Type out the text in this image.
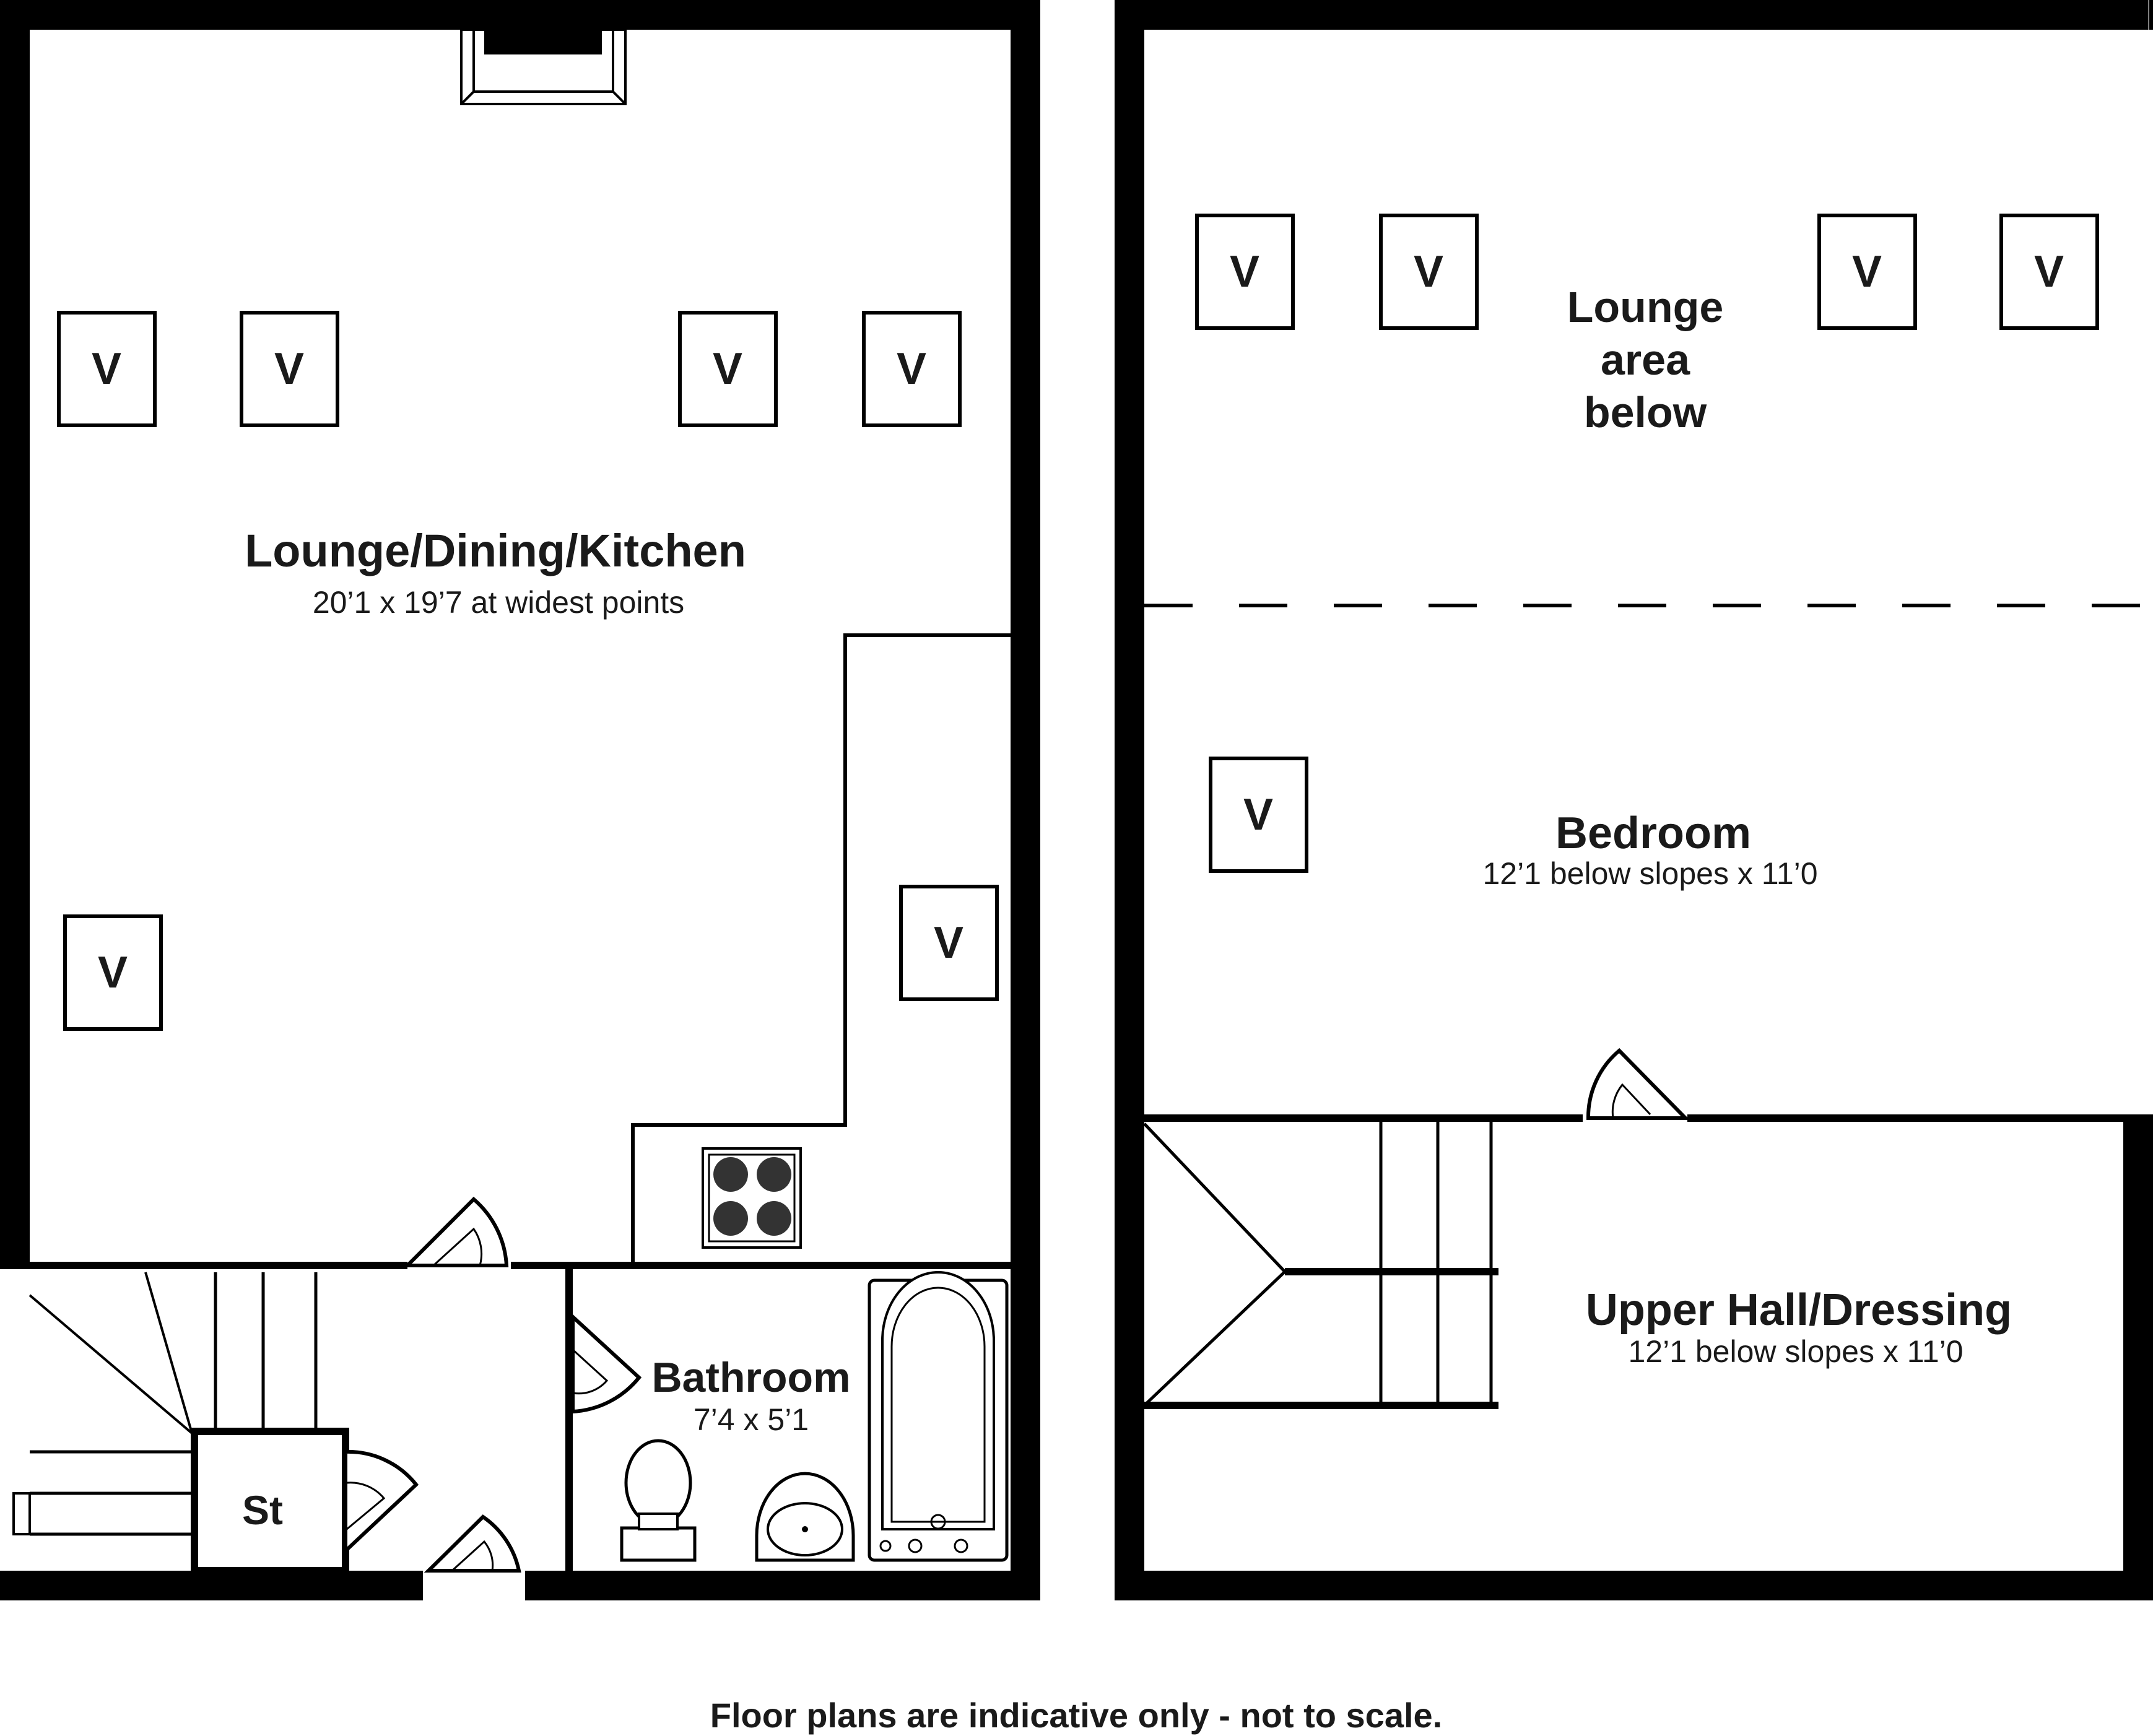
V	V	V	V
V
V
Lounge/Dining/Kitchen
20’1 x 19’7 at widest points
Bathroom
7’4 x 5’1
St
V	V	V	V
V
Lounge
area
below
Bedroom
12’1 below slopes x 11’0
Upper Hall/Dressing
12’1 below slopes x 11’0
Floor plans are indicative only - not to scale.
